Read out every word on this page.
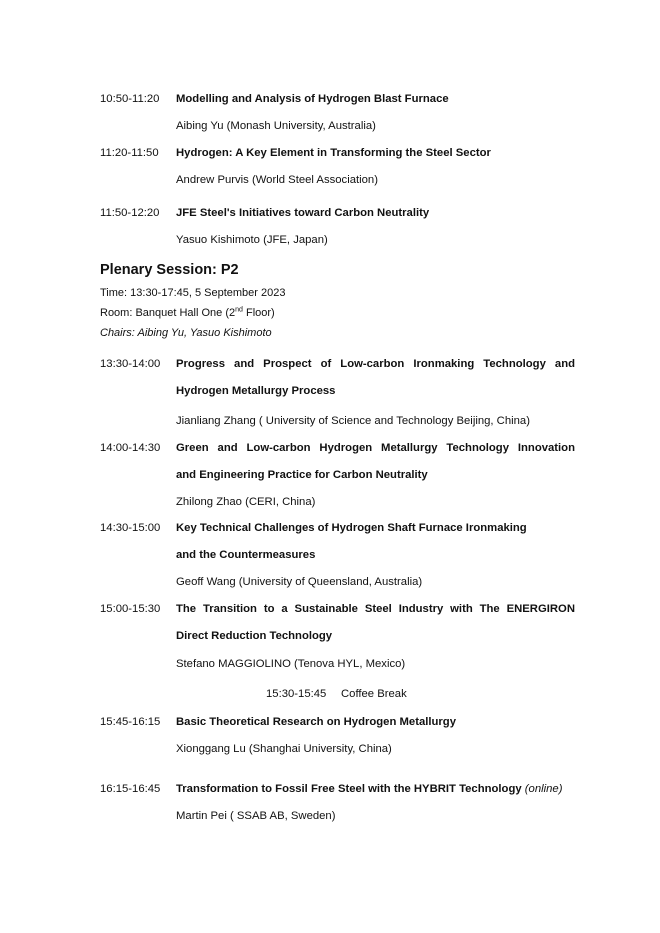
10:50-11:20 Modelling and Analysis of Hydrogen Blast Furnace
Aibing Yu (Monash University, Australia)
11:20-11:50 Hydrogen: A Key Element in Transforming the Steel Sector
Andrew Purvis (World Steel Association)
11:50-12:20 JFE Steel's Initiatives toward Carbon Neutrality
Yasuo Kishimoto (JFE, Japan)
Plenary Session: P2
Time: 13:30-17:45, 5 September 2023
Room: Banquet Hall One (2nd Floor)
Chairs: Aibing Yu, Yasuo Kishimoto
13:30-14:00 Progress and Prospect of Low-carbon Ironmaking Technology and
Hydrogen Metallurgy Process
Jianliang Zhang ( University of Science and Technology Beijing, China)
14:00-14:30 Green and Low-carbon Hydrogen Metallurgy Technology Innovation
and Engineering Practice for Carbon Neutrality
Zhilong Zhao (CERI, China)
14:30-15:00 Key Technical Challenges of Hydrogen Shaft Furnace Ironmaking
and the Countermeasures
Geoff Wang (University of Queensland, Australia)
15:00-15:30 The Transition to a Sustainable Steel Industry with The ENERGIRON
Direct Reduction Technology
Stefano MAGGIOLINO (Tenova HYL, Mexico)
15:30-15:45 Coffee Break
15:45-16:15 Basic Theoretical Research on Hydrogen Metallurgy
Xionggang Lu (Shanghai University, China)
16:15-16:45 Transformation to Fossil Free Steel with the HYBRIT Technology (online)
Martin Pei ( SSAB AB, Sweden)
